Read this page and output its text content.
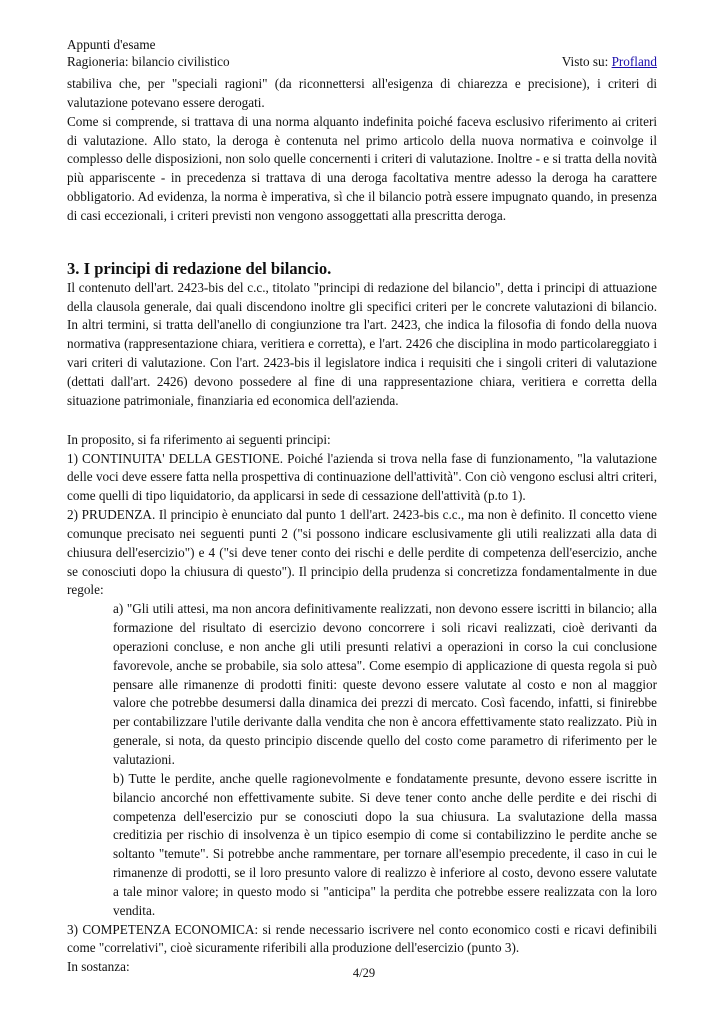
Appunti d'esame
Ragioneria: bilancio civilistico	Visto su: Profland

stabiliva che, per "speciali ragioni" (da riconnettersi all'esigenza di chiarezza e precisione), i criteri di valutazione potevano essere derogati.

Come si comprende, si trattava di una norma alquanto indefinita poiché faceva esclusivo riferimento ai criteri di valutazione. Allo stato, la deroga è contenuta nel primo articolo della nuova normativa e coinvolge il complesso delle disposizioni, non solo quelle concernenti i criteri di valutazione. Inoltre - e si tratta della novità più appariscente - in precedenza si trattava di una deroga facoltativa mentre adesso la deroga ha carattere obbligatorio. Ad evidenza, la norma è imperativa, sì che il bilancio potrà essere impugnato quando, in presenza di casi eccezionali, i criteri previsti non vengono assoggettati alla prescritta deroga.

3. I principi di redazione del bilancio.

Il contenuto dell'art. 2423-bis del c.c., titolato "principi di redazione del bilancio", detta i principi di attuazione della clausola generale, dai quali discendono inoltre gli specifici criteri per le concrete valutazioni di bilancio. In altri termini, si tratta dell'anello di congiunzione tra l'art. 2423, che indica la filosofia di fondo della nuova normativa (rappresentazione chiara, veritiera e corretta), e l'art. 2426 che disciplina in modo particolareggiato i vari criteri di valutazione. Con l'art. 2423-bis il legislatore indica i requisiti che i singoli criteri di valutazione (dettati dall'art. 2426) devono possedere al fine di una rappresentazione chiara, veritiera e corretta della situazione patrimoniale, finanziaria ed economica dell'azienda.

In proposito, si fa riferimento ai seguenti principi:

1) CONTINUITA' DELLA GESTIONE. Poiché l'azienda si trova nella fase di funzionamento, "la valutazione delle voci deve essere fatta nella prospettiva di continuazione dell'attività". Con ciò vengono esclusi altri criteri, come quelli di tipo liquidatorio, da applicarsi in sede di cessazione dell'attività (p.to 1).

2) PRUDENZA. Il principio è enunciato dal punto 1 dell'art. 2423-bis c.c., ma non è definito. Il concetto viene comunque precisato nei seguenti punti 2 ("si possono indicare esclusivamente gli utili realizzati alla data di chiusura dell'esercizio") e 4 ("si deve tener conto dei rischi e delle perdite di competenza dell'esercizio, anche se conosciuti dopo la chiusura di questo"). Il principio della prudenza si concretizza fondamentalmente in due regole:

a) "Gli utili attesi, ma non ancora definitivamente realizzati, non devono essere iscritti in bilancio; alla formazione del risultato di esercizio devono concorrere i soli ricavi realizzati, cioè derivanti da operazioni concluse, e non anche gli utili presunti relativi a operazioni in corso la cui conclusione favorevole, anche se probabile, sia solo attesa". Come esempio di applicazione di questa regola si può pensare alle rimanenze di prodotti finiti: queste devono essere valutate al costo e non al maggior valore che potrebbe desumersi dalla dinamica dei prezzi di mercato. Così facendo, infatti, si finirebbe per contabilizzare l'utile derivante dalla vendita che non è ancora effettivamente stato realizzato. Più in generale, si nota, da questo principio discende quello del costo come parametro di riferimento per le valutazioni.

b) Tutte le perdite, anche quelle ragionevolmente e fondatamente presunte, devono essere iscritte in bilancio ancorché non effettivamente subite. Si deve tener conto anche delle perdite e dei rischi di competenza dell'esercizio pur se conosciuti dopo la sua chiusura. La svalutazione della massa creditizia per rischio di insolvenza è un tipico esempio di come si contabilizzino le perdite anche se soltanto "temute". Si potrebbe anche rammentare, per tornare all'esempio precedente, il caso in cui le rimanenze di prodotti, se il loro presunto valore di realizzo è inferiore al costo, devono essere valutate a tale minor valore; in questo modo si "anticipa" la perdita che potrebbe essere realizzata con la loro vendita.

3) COMPETENZA ECONOMICA: si rende necessario iscrivere nel conto economico costi e ricavi definibili come "correlativi", cioè sicuramente riferibili alla produzione dell'esercizio (punto 3).

In sostanza:	4/29
